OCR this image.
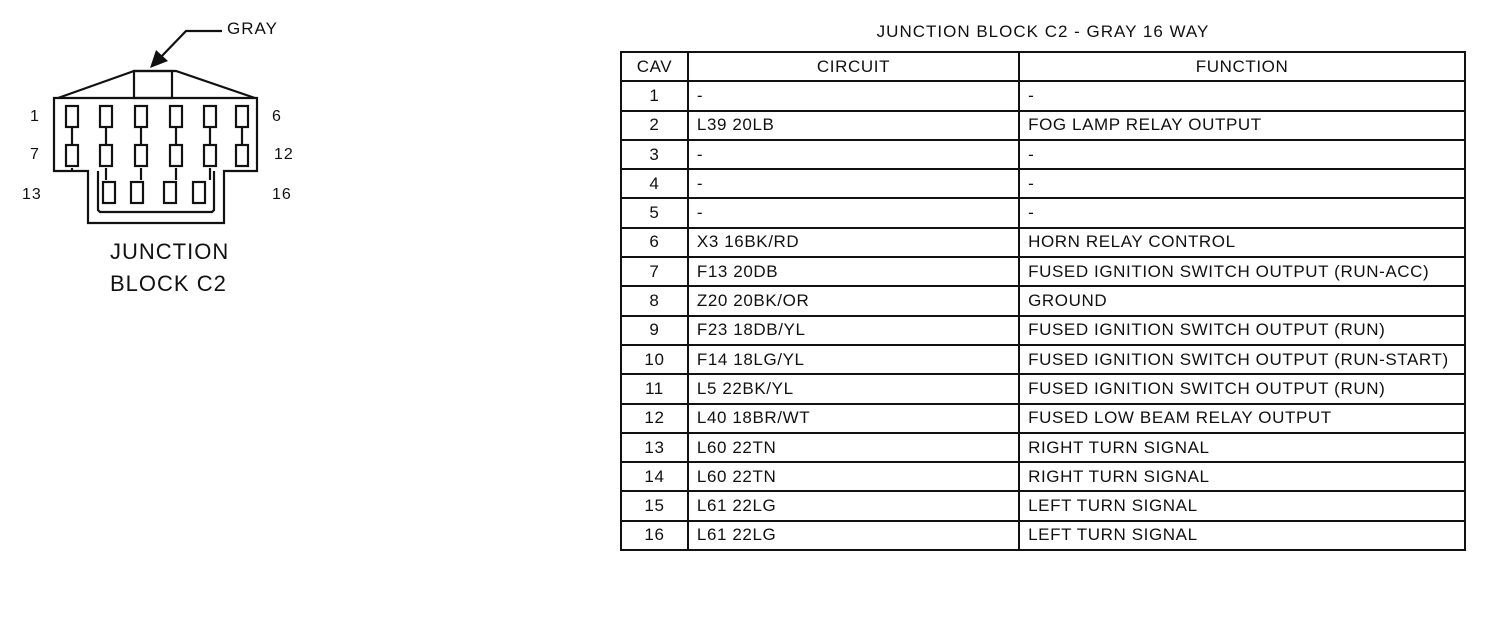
GRAY
1	6
7	12
13	16
JUNCTION
BLOCK C2
JUNCTION BLOCK C2 - GRAY 16 WAY
CAV	CIRCUIT	FUNCTION
1	-	-
2	L39 20LB	FOG LAMP RELAY OUTPUT
3	-	-
4	-	-
5	-	-
6	X3 16BK/RD	HORN RELAY CONTROL
7	F13 20DB	FUSED IGNITION SWITCH OUTPUT (RUN-ACC)
8	Z20 20BK/OR	GROUND
9	F23 18DB/YL	FUSED IGNITION SWITCH OUTPUT (RUN)
10	F14 18LG/YL	FUSED IGNITION SWITCH OUTPUT (RUN-START)
11	L5 22BK/YL	FUSED IGNITION SWITCH OUTPUT (RUN)
12	L40 18BR/WT	FUSED LOW BEAM RELAY OUTPUT
13	L60 22TN	RIGHT TURN SIGNAL
14	L60 22TN	RIGHT TURN SIGNAL
15	L61 22LG	LEFT TURN SIGNAL
16	L61 22LG	LEFT TURN SIGNAL
